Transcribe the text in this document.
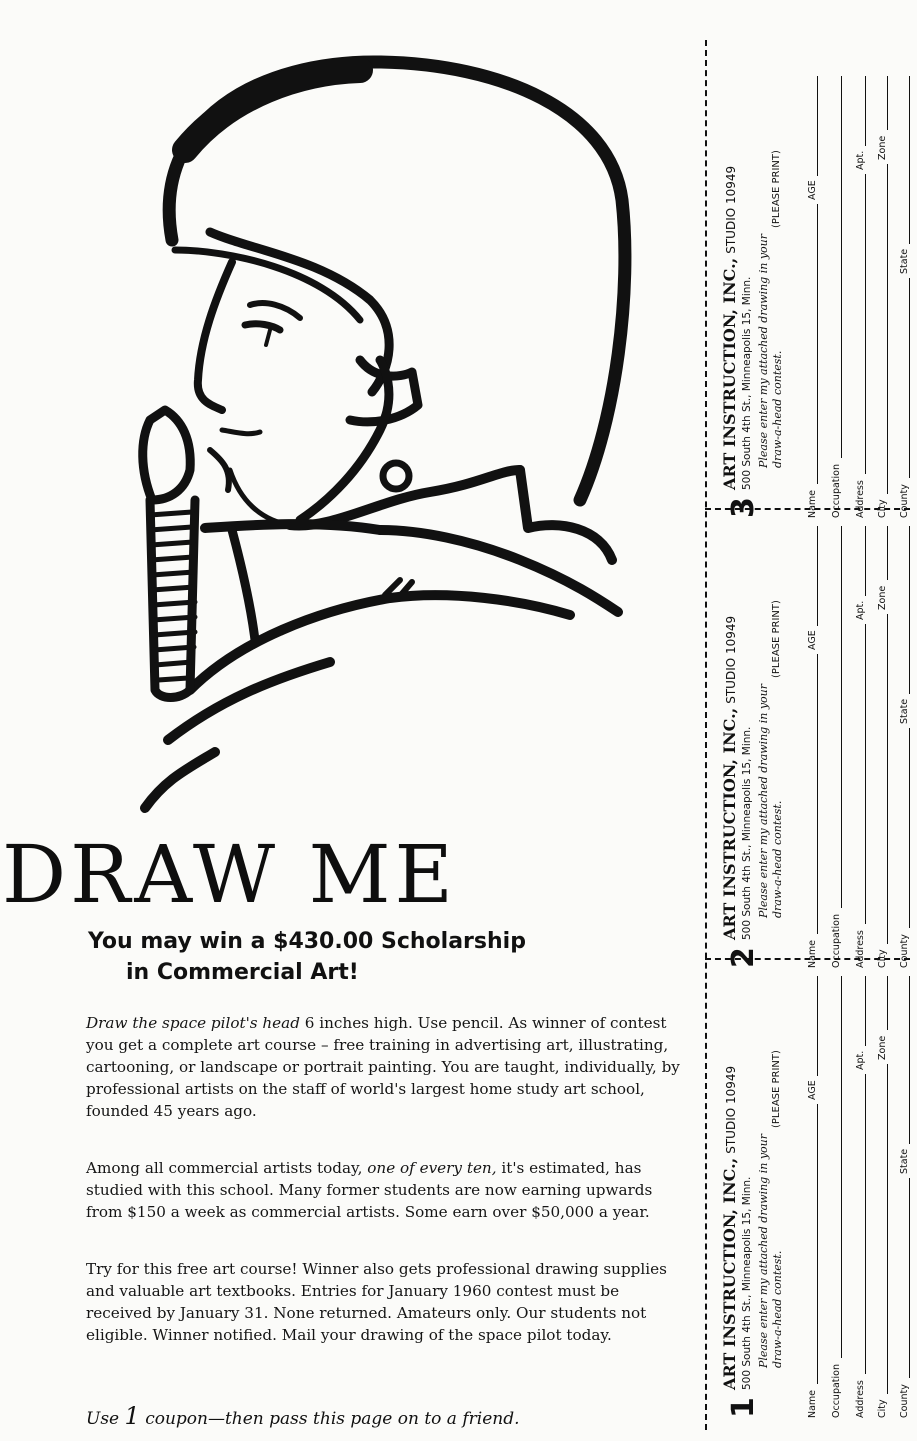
DRAW ME
You may win a $430.00 Scholarship
in Commercial Art!
Draw the space pilot's head 6 inches high. Use pencil. As winner of contest you get a complete art course – free training in advertising art, illustrating, cartooning, or landscape or portrait painting. You are taught, individually, by professional artists on the staff of world's largest home study art school, founded 45 years ago.
Among all commercial artists today, one of every ten, it's estimated, has studied with this school. Many former students are now earning upwards from $150 a week as commercial artists. Some earn over $50,000 a year.
Try for this free art course! Winner also gets professional drawing supplies and valuable art textbooks. Entries for January 1960 contest must be received by January 31. None returned. Amateurs only. Our students not eligible. Winner notified. Mail your drawing of the space pilot today.
Use 1 coupon—then pass this page on to a friend.
1
ART INSTRUCTION, INC.,STUDIO 10949
500 South 4th St., Minneapolis 15, Minn. Please enter my attached drawing in your
draw-a-head contest.
(PLEASE PRINT)
Name
AGE
Occupation Address
Apt.
City
Zone
County
State
2
ART INSTRUCTION, INC.,STUDIO 10949
500 South 4th St., Minneapolis 15, Minn. Please enter my attached drawing in your
draw-a-head contest.
(PLEASE PRINT)
Name
AGE
Occupation Address
Apt.
City
Zone
County
State
3
ART INSTRUCTION, INC.,STUDIO 10949
500 South 4th St., Minneapolis 15, Minn. Please enter my attached drawing in your
draw-a-head contest.
(PLEASE PRINT)
Name
AGE
Occupation Address
Apt.
City
Zone
County
State
